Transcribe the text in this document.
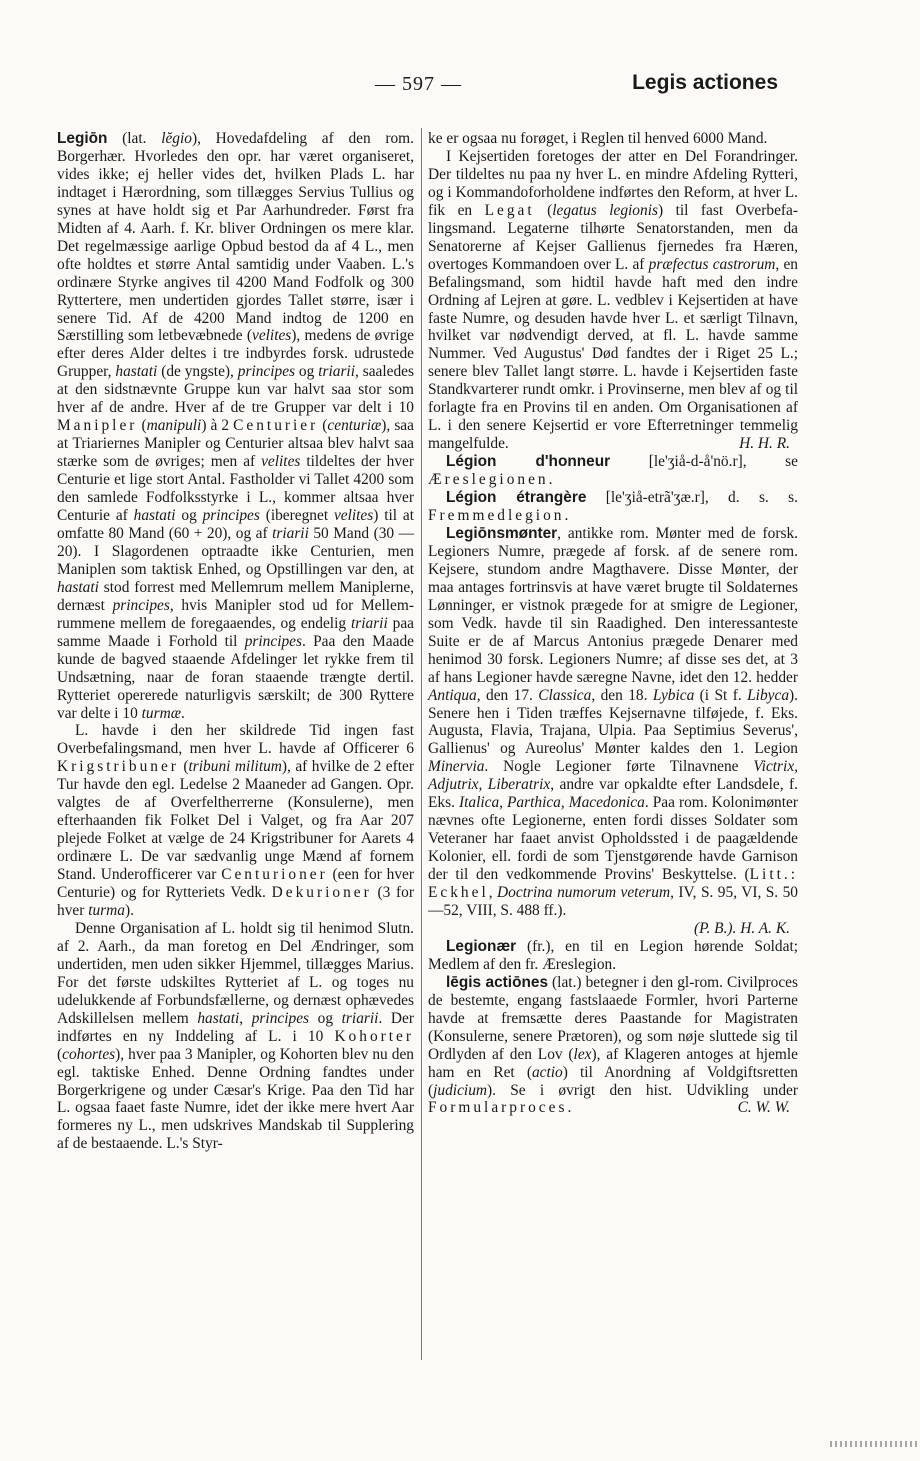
— 597 —	Legis actiones

Legiōn (lat. lĕgio), Hovedafdeling af den rom. Borgerhær. Hvorledes den opr. har været organiseret, vides ikke; ej heller vides det, hvilken Plads L. har indtaget i Hærordning, som tillægges Servius Tullius og synes at have holdt sig et Par Aarhundreder. Først fra Midten af 4. Aarh. f. Kr. bliver Ordningen os mere klar. Det regelmæssige aarlige Opbud bestod da af 4 L., men ofte holdtes et større Antal samtidig under Vaaben. L.'s ordinære Styrke angives til 4200 Mand Fodfolk og 300 Ryttertere, men undertiden gjordes Tallet større, især i senere Tid. Af de 4200 Mand indtog de 1200 en Særstilling som letbevæbnede (velites), medens de øvrige efter deres Alder deltes i tre indbyrdes forsk. udrustede Grupper, hastati (de yngste), principes og triarii, saaledes at den sidstnævnte Gruppe kun var halvt saa stor som hver af de andre. Hver af de tre Grupper var delt i 10 Manipler (manipuli) à 2 Centurier (centuriæ), saa at Triariernes Manipler og Centurier altsaa blev halvt saa stærke som de øvriges; men af velites tildeltes der hver Centurie et lige stort Antal. Fastholder vi Tallet 4200 som den samlede Fodfolksstyrke i L., kommer altsaa hver Centurie af hastati og principes (iberegnet velites) til at omfatte 80 Mand (60 + 20), og af triarii 50 Mand (30 —20). I Slagordenen optraadte ikke Centurien, men Maniplen som taktisk Enhed, og Opstillingen var den, at hastati stod forrest med Mellemrum mellem Maniplerne, dernæst principes, hvis Manipler stod ud for Mellemrummene mellem de foregaaendes, og endelig triarii paa samme Maade i Forhold til principes. Paa den Maade kunde de bagved staaende Afdelinger let rykke frem til Undsætning, naar de foran staaende trængte dertil. Rytteriet opererede naturligvis særskilt; de 300 Ryttere var delte i 10 turmæ.

L. havde i den her skildrede Tid ingen fast Overbefalingsmand, men hver L. havde af Officerer 6 Krigstribuner (tribuni militum), af hvilke de 2 efter Tur havde den egl. Ledelse 2 Maaneder ad Gangen. Opr. valgtes de af Overfeltherrerne (Konsulerne), men efterhaanden fik Folket Del i Valget, og fra Aar 207 plejede Folket at vælge de 24 Krigstribuner for Aarets 4 ordinære L. De var sædvanlig unge Mænd af fornem Stand. Underofficerer var Centurioner (een for hver Centurie) og for Rytteriets Vedk. Dekurioner (3 for hver turma).

Denne Organisation af L. holdt sig til henimod Slutn. af 2. Aarh., da man foretog en Del Ændringer, som undertiden, men uden sikker Hjemmel, tillægges Marius. For det første udskiltes Rytteriet af L. og toges nu udelukkende af Forbundsfællerne, og dernæst ophævedes Adskillelsen mellem hastati, principes og triarii. Der indførtes en ny Inddeling af L. i 10 Kohorter (cohortes), hver paa 3 Manipler, og Kohorten blev nu den egl. taktiske Enhed. Denne Ordning fandtes under Borgerkrigene og under Cæsar's Krige. Paa den Tid har L. ogsaa faaet faste Numre, idet der ikke mere hvert Aar formeres ny L., men udskrives Mandskab til Supplering af de bestaaende. L.'s Styr-

ke er ogsaa nu forøget, i Reglen til henved 6000 Mand.

I Kejsertiden foretoges der atter en Del Forandringer. Der tildeltes nu paa ny hver L. en mindre Afdeling Rytteri, og i Kommandoforholdene indførtes den Reform, at hver L. fik en Legat (legatus legionis) til fast Overbefalingsmand. Legaterne tilhørte Senatorstanden, men da Senatorerne af Kejser Gallienus fjernedes fra Hæren, overtoges Kommandoen over L. af præfectus castrorum, en Befalingsmand, som hidtil havde haft med den indre Ordning af Lejren at gøre. L. vedblev i Kejsertiden at have faste Numre, og desuden havde hver L. et særligt Tilnavn, hvilket var nødvendigt derved, at fl. L. havde samme Nummer. Ved Augustus' Død fandtes der i Riget 25 L.; senere blev Tallet langt større. L. havde i Kejsertiden faste Standkvarterer rundt omkr. i Provinserne, men blev af og til forlagte fra en Provins til en anden. Om Organisationen af L. i den senere Kejsertid er vore Efterretninger temmelig mangelfulde.	H. H. R.

Légion d'honneur [le'ʒiå-d-å'nö.r], se Æreslegionen.

Légion étrangère [le'ʒiå-etrã'ʒæ.r], d. s. s. Fremmedlegion.

Legiōnsmønter, antikke rom. Mønter med de forsk. Legioners Numre, prægede af forsk. af de senere rom. Kejsere, stundom andre Magthavere. Disse Mønter, der maa antages fortrinsvis at have været brugte til Soldaternes Lønninger, er vistnok prægede for at smigre de Legioner, som Vedk. havde til sin Raadighed. Den interessanteste Suite er de af Marcus Antonius prægede Denarer med henimod 30 forsk. Legioners Numre; af disse ses det, at 3 af hans Legioner havde særegne Navne, idet den 12. hedder Antiqua, den 17. Classica, den 18. Lybica (i St f. Libyca). Senere hen i Tiden træffes Kejsernavne tilføjede, f. Eks. Augusta, Flavia, Trajana, Ulpia. Paa Septimius Severus', Gallienus' og Aureolus' Mønter kaldes den 1. Legion Minervia. Nogle Legioner førte Tilnavnene Victrix, Adjutrix, Liberatrix, andre var opkaldte efter Landsdele, f. Eks. Italica, Parthica, Macedonica. Paa rom. Kolonimønter nævnes ofte Legionerne, enten fordi disses Soldater som Veteraner har faaet anvist Opholdssted i de paagældende Kolonier, ell. fordi de som Tjenstgørende havde Garnison der til den vedkommende Provins' Beskyttelse. (Litt.: Eckhel, Doctrina numorum veterum, IV, S. 95, VI, S. 50—52, VIII, S. 488 ff.).
(P. B.). H. A. K.

Legionær (fr.), en til en Legion hørende Soldat; Medlem af den fr. Æreslegion.

lēgis actiōnes (lat.) betegner i den gl-rom. Civilproces de bestemte, engang fastslaaede Formler, hvori Parterne havde at fremsætte deres Paastande for Magistraten (Konsulerne, senere Prætoren), og som nøje sluttede sig til Ordlyden af den Lov (lex), af Klageren antoges at hjemle ham en Ret (actio) til Anordning af Voldgiftsretten (judicium). Se i øvrigt den hist. Udvikling under Formularproces.	C. W. W.
